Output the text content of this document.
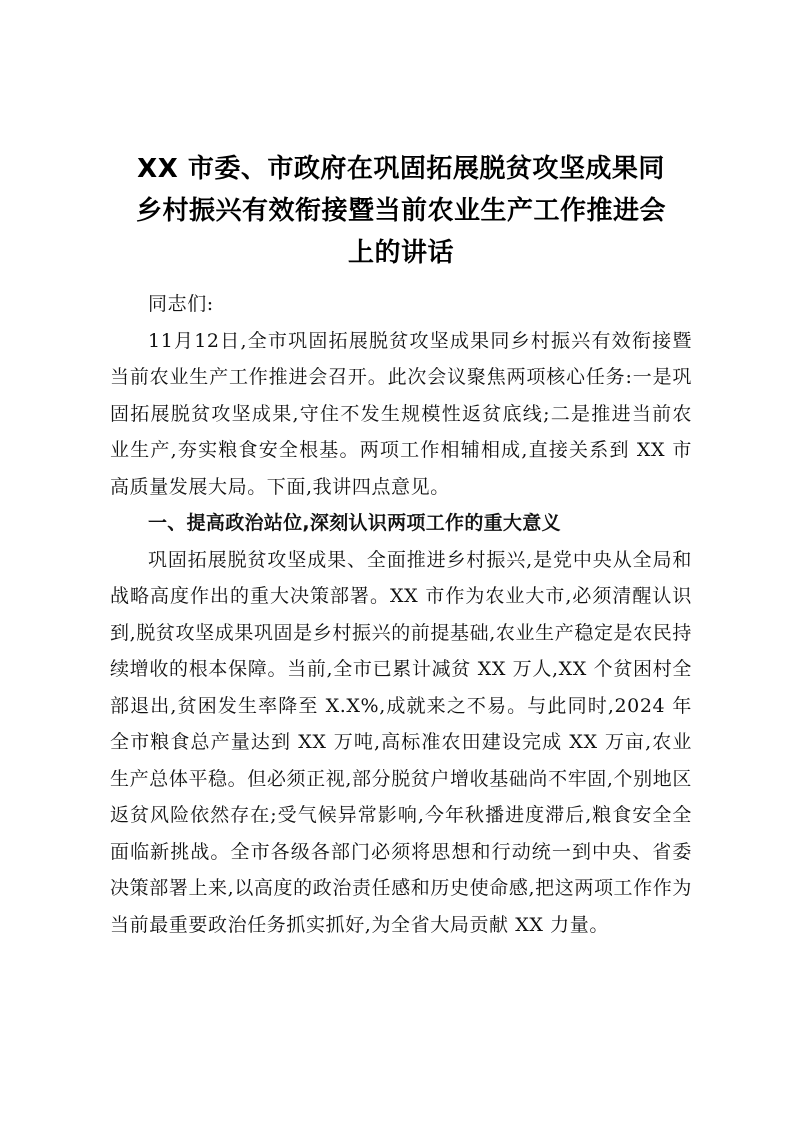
XX 市委、市政府在巩固拓展脱贫攻坚成果同
乡村振兴有效衔接暨当前农业生产工作推进会
上的讲话

同志们:

11月12日,全市巩固拓展脱贫攻坚成果同乡村振兴有效衔接暨当前农业生产工作推进会召开。此次会议聚焦两项核心任务:一是巩固拓展脱贫攻坚成果,守住不发生规模性返贫底线;二是推进当前农业生产,夯实粮食安全根基。两项工作相辅相成,直接关系到 XX 市高质量发展大局。下面,我讲四点意见。

一、提高政治站位,深刻认识两项工作的重大意义

巩固拓展脱贫攻坚成果、全面推进乡村振兴,是党中央从全局和战略高度作出的重大决策部署。XX 市作为农业大市,必须清醒认识到,脱贫攻坚成果巩固是乡村振兴的前提基础,农业生产稳定是农民持续增收的根本保障。当前,全市已累计减贫 XX 万人,XX 个贫困村全部退出,贫困发生率降至 X.X%,成就来之不易。与此同时,2024 年全市粮食总产量达到 XX 万吨,高标准农田建设完成 XX 万亩,农业生产总体平稳。但必须正视,部分脱贫户增收基础尚不牢固,个别地区返贫风险依然存在;受气候异常影响,今年秋播进度滞后,粮食安全全面临新挑战。全市各级各部门必须将思想和行动统一到中央、省委决策部署上来,以高度的政治责任感和历史使命感,把这两项工作作为当前最重要政治任务抓实抓好,为全省大局贡献 XX 力量。
